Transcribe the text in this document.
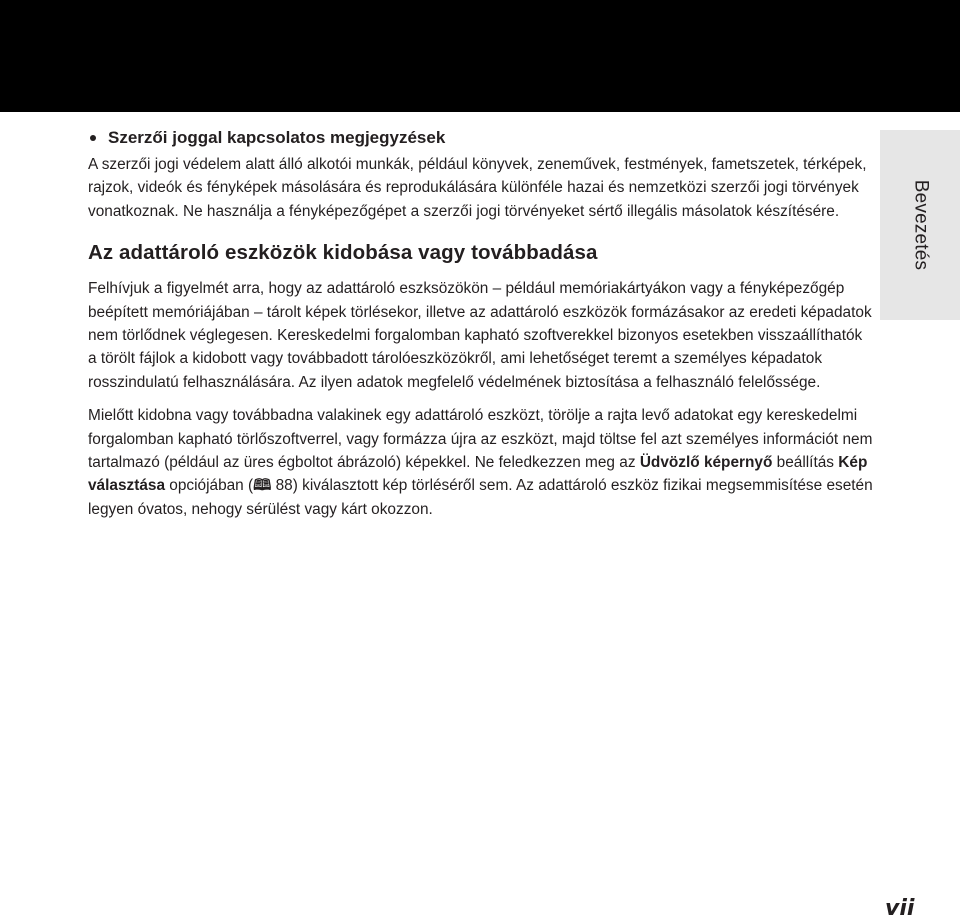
Bevezetés
Szerzői joggal kapcsolatos megjegyzések

A szerzői jogi védelem alatt álló alkotói munkák, például könyvek, zeneművek, festmények, fametszetek, térképek, rajzok, videók és fényképek másolására és reprodukálására különféle hazai és nemzetközi szerzői jogi törvények vonatkoznak. Ne használja a fényképezőgépet a szerzői jogi törvényeket sértő illegális másolatok készítésére.

Az adattároló eszközök kidobása vagy továbbadása

Felhívjuk a figyelmét arra, hogy az adattároló eszksözökön – például memóriakártyákon vagy a fényképezőgép beépített memóriájában – tárolt képek törlésekor, illetve az adattároló eszközök formázásakor az eredeti képadatok nem törlődnek véglegesen. Kereskedelmi forgalomban kapható szoftverekkel bizonyos esetekben visszaállíthatók a törölt fájlok a kidobott vagy továbbadott tárolóeszközökről, ami lehetőséget teremt a személyes képadatok rosszindulatú felhasználására. Az ilyen adatok megfelelő védelmének biztosítása a felhasználó felelőssége.

Mielőtt kidobna vagy továbbadna valakinek egy adattároló eszközt, törölje a rajta levő adatokat egy kereskedelmi forgalomban kapható törlőszoftverrel, vagy formázza újra az eszközt, majd töltse fel azt személyes információt nem tartalmazó (például az üres égboltot ábrázoló) képekkel. Ne feledkezzen meg az Üdvözlő képernyő beállítás Kép választása opciójában (🕮 88) kiválasztott kép törléséről sem. Az adattároló eszköz fizikai megsemmisítése esetén legyen óvatos, nehogy sérülést vagy kárt okozzon.

vii
